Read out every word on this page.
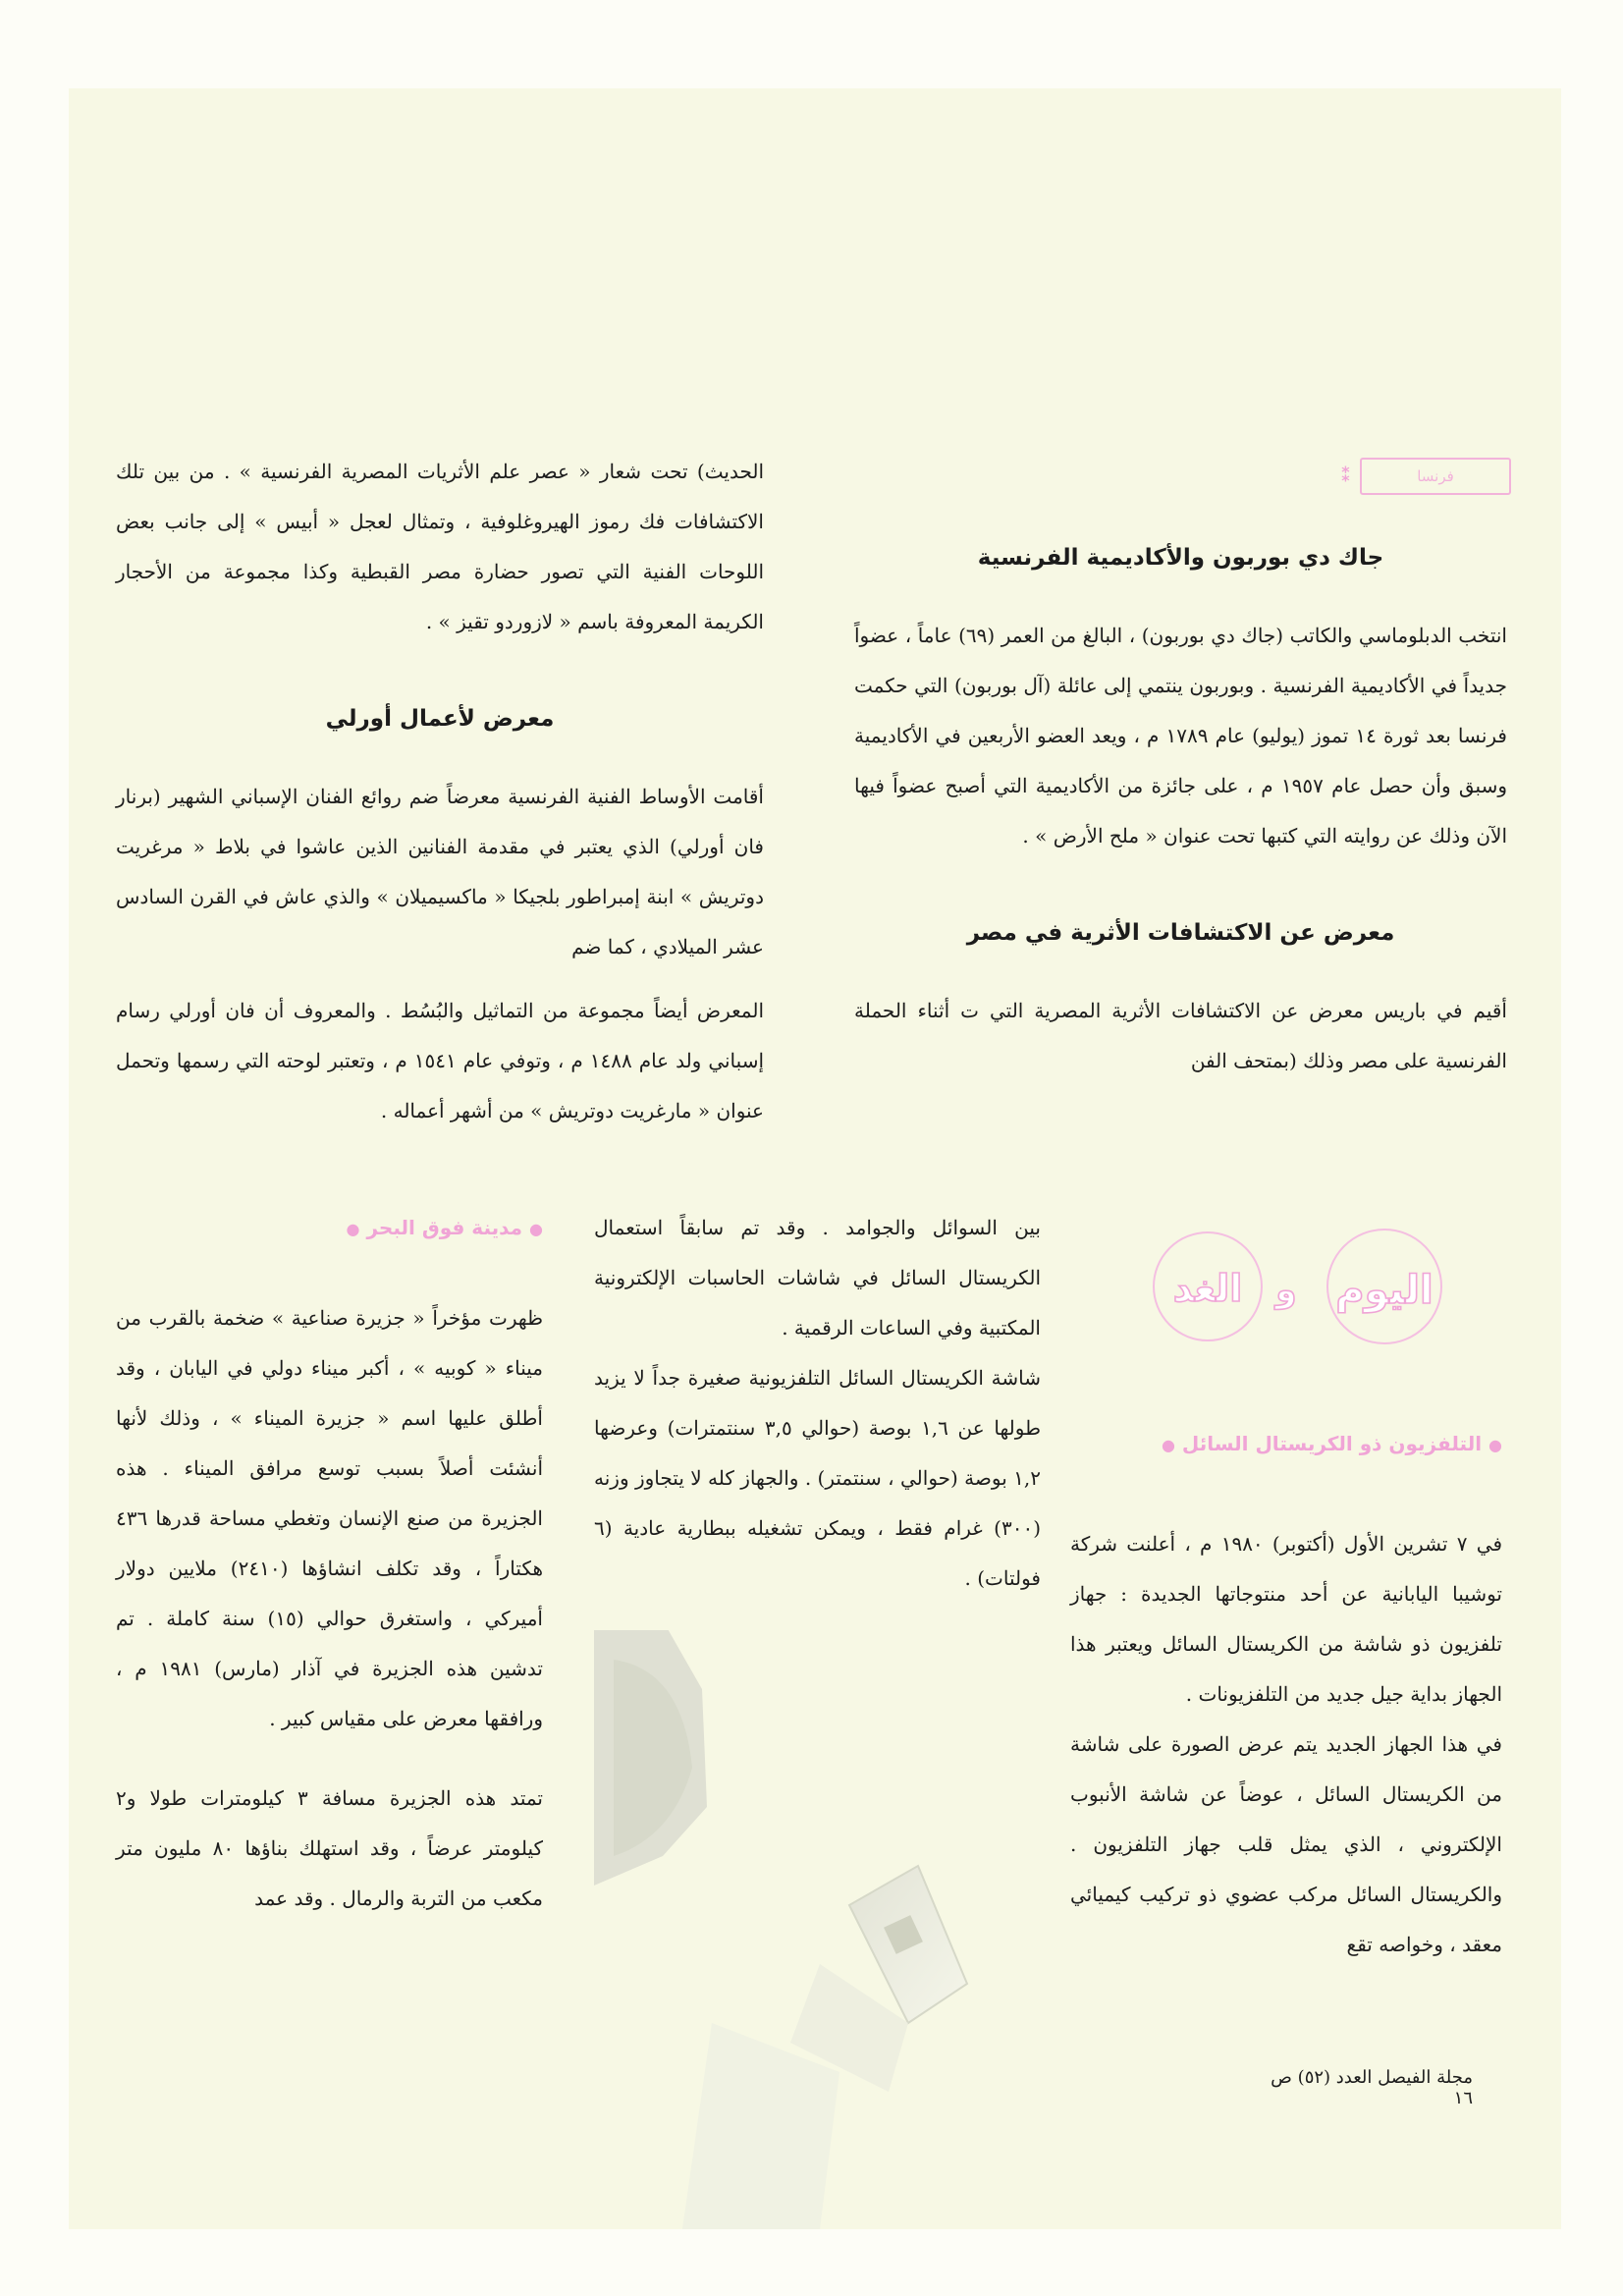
⁑	فرنسا

جاك دي بوربون والأكاديمية الفرنسية

انتخب الدبلوماسي والكاتب (جاك دي بوربون) ، البالغ من العمر (٦٩) عاماً ، عضواً جديداً في الأكاديمية الفرنسية . وبوربون ينتمي إلى عائلة (آل بوربون) التي حكمت فرنسا بعد ثورة ١٤ تموز (يوليو) عام ١٧٨٩ م ، ويعد العضو الأربعين في الأكاديمية وسبق وأن حصل عام ١٩٥٧ م ، على جائزة من الأكاديمية التي أصبح عضواً فيها الآن وذلك عن روايته التي كتبها تحت عنوان « ملح الأرض » .

معرض عن الاكتشافات الأثرية في مصر

أقيم في باريس معرض عن الاكتشافات الأثرية المصرية التي ت أثناء الحملة الفرنسية على مصر وذلك (بمتحف الفن

الحديث) تحت شعار « عصر علم الأثريات المصرية الفرنسية » . من بين تلك الاكتشافات فك رموز الهيروغلوفية ، وتمثال لعجل « أبيس » إلى جانب بعض اللوحات الفنية التي تصور حضارة مصر القبطية وكذا مجموعة من الأحجار الكريمة المعروفة باسم « لازوردو تقيز » .

معرض لأعمال أورلي

أقامت الأوساط الفنية الفرنسية معرضاً ضم روائع الفنان الإسباني الشهير (برنار فان أورلي) الذي يعتبر في مقدمة الفنانين الذين عاشوا في بلاط « مرغريت دوتريش » ابنة إمبراطور بلجيكا « ماكسيميلان » والذي عاش في القرن السادس عشر الميلادي ، كما ضم

المعرض أيضاً مجموعة من التماثيل والبُسُط . والمعروف أن فان أورلي رسام إسباني ولد عام ١٤٨٨ م ، وتوفي عام ١٥٤١ م ، وتعتبر لوحته التي رسمها وتحمل عنوان « مارغريت دوتريش » من أشهر أعماله .

الغد و اليوم

● التلفزيون ذو الكريستال السائل ●

في ٧ تشرين الأول (أكتوبر) ١٩٨٠ م ، أعلنت شركة توشيبا اليابانية عن أحد منتوجاتها الجديدة : جهاز تلفزيون ذو شاشة من الكريستال السائل ويعتبر هذا الجهاز بداية جيل جديد من التلفزيونات .

في هذا الجهاز الجديد يتم عرض الصورة على شاشة من الكريستال السائل ، عوضاً عن شاشة الأنبوب الإلكتروني ، الذي يمثل قلب جهاز التلفزيون . والكريستال السائل مركب عضوي ذو تركيب كيميائي معقد ، وخواصه تقع

بين السوائل والجوامد . وقد تم سابقاً استعمال الكريستال السائل في شاشات الحاسبات الإلكترونية المكتبية وفي الساعات الرقمية .

شاشة الكريستال السائل التلفزيونية صغيرة جداً لا يزيد طولها عن ١,٦ بوصة (حوالي ٣,٥ سنتمترات) وعرضها ١,٢ بوصة (حوالي ، سنتمتر) . والجهاز كله لا يتجاوز وزنه (٣٠٠) غرام فقط ، ويمكن تشغيله ببطارية عادية (٦ فولتات) .

● مدينة فوق البحر ●

ظهرت مؤخراً « جزيرة صناعية » ضخمة بالقرب من ميناء « كوبيه » ، أكبر ميناء دولي في اليابان ، وقد أطلق عليها اسم « جزيرة الميناء » ، وذلك لأنها أنشئت أصلاً بسبب توسع مرافق الميناء . هذه الجزيرة من صنع الإنسان وتغطي مساحة قدرها ٤٣٦ هكتاراً ، وقد تكلف انشاؤها (٢٤١٠) ملايين دولار أميركي ، واستغرق حوالي (١٥) سنة كاملة . تم تدشين هذه الجزيرة في آذار (مارس) ١٩٨١ م ، ورافقها معرض على مقياس كبير .

تمتد هذه الجزيرة مسافة ٣ كيلومترات طولا و٢ كيلومتر عرضاً ، وقد استهلك بناؤها ٨٠ مليون متر مكعب من التربة والرمال . وقد عمد

مجلة الفيصل العدد (٥٢) ص ١٦
